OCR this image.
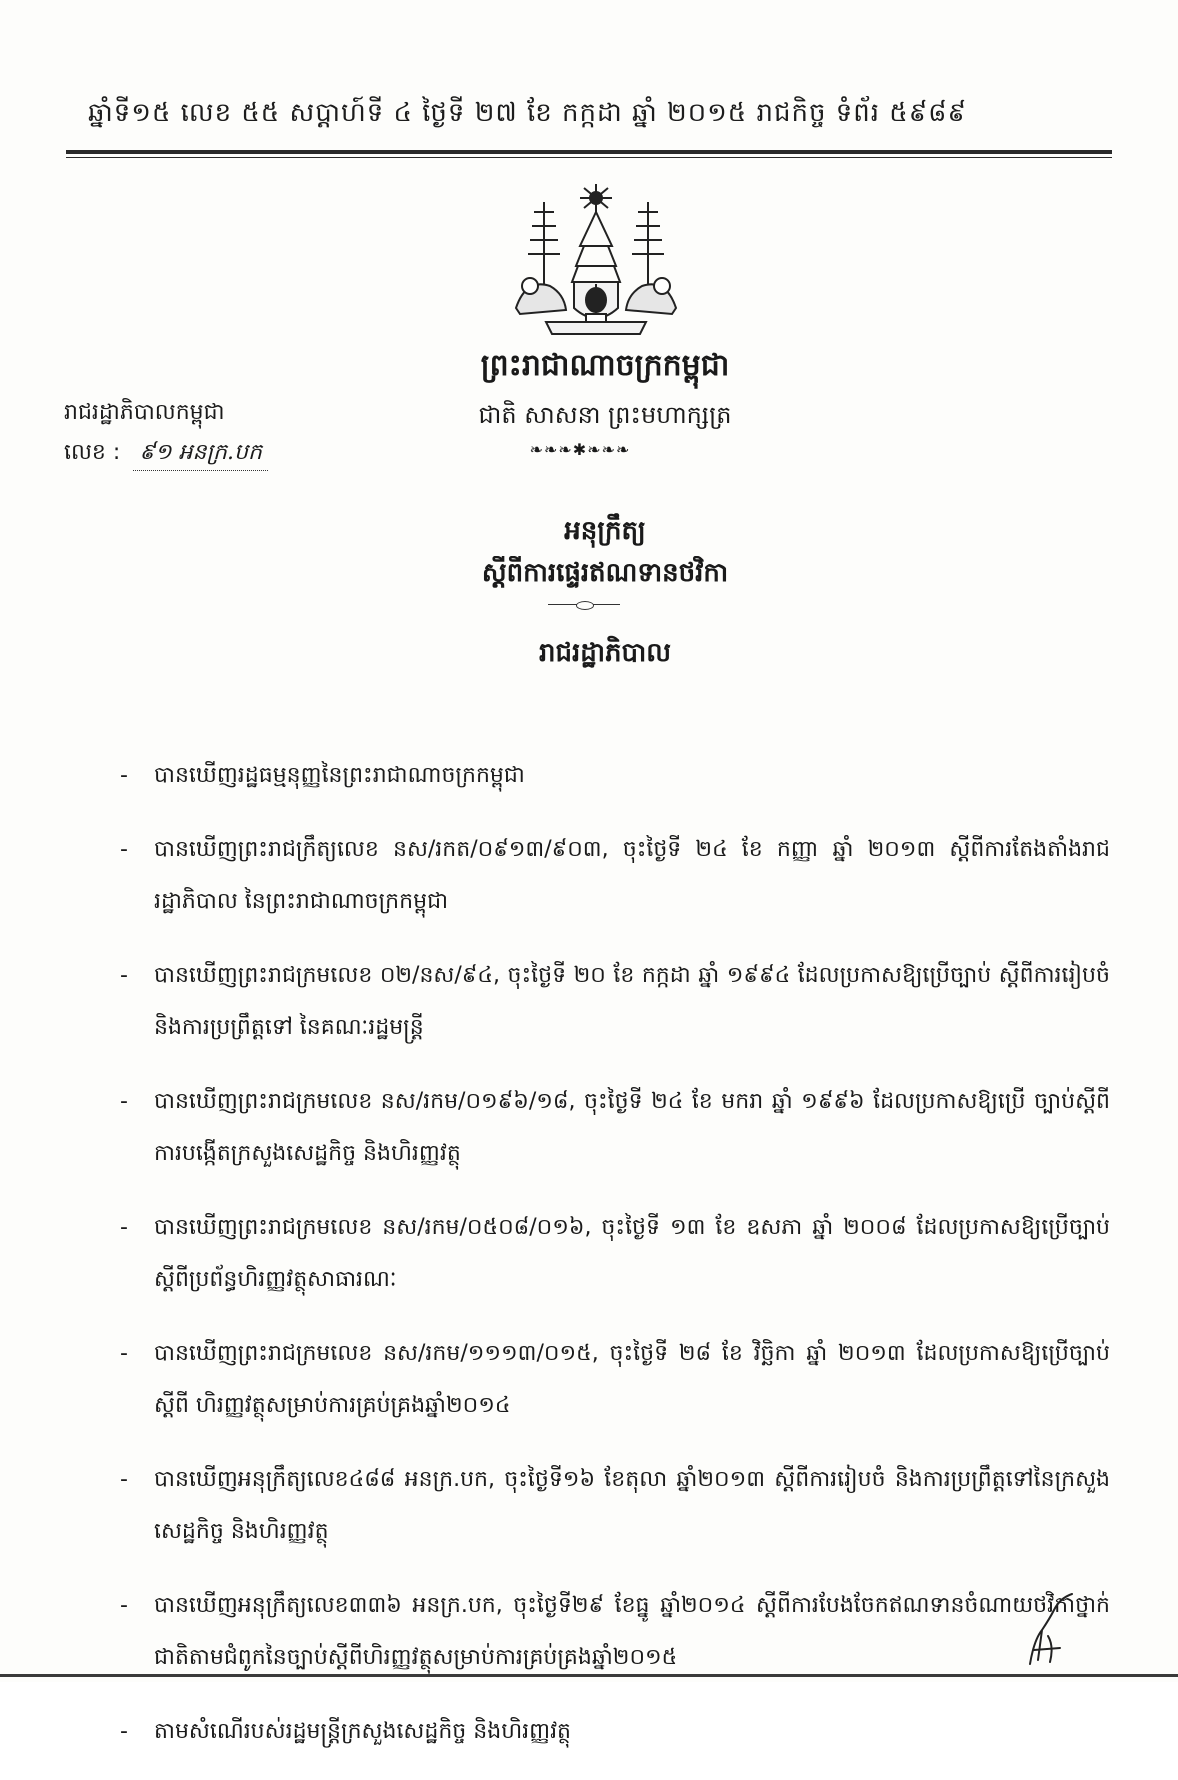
ឆ្នាំទី១៥ លេខ ៥៥ សប្តាហ៍ទី ៤ ថ្ងៃទី ២៧ ខែ កក្កដា ឆ្នាំ ២០១៥ រាជកិច្ច ទំព័រ ៥៩៨៩
ព្រះរាជាណាចក្រកម្ពុជា
ជាតិ សាសនា ព្រះមហាក្សត្រ
❧❧❧✱❧❧❧
រាជរដ្ឋាភិបាលកម្ពុជា
លេខ : ៩១ អនក្រ.បក
អនុក្រឹត្យ
ស្តីពីការផ្ទេរឥណទានថវិកា
រាជរដ្ឋាភិបាល
- បានឃើញរដ្ឋធម្មនុញ្ញនៃព្រះរាជាណាចក្រកម្ពុជា
- បានឃើញព្រះរាជក្រឹត្យលេខ នស/រកត/០៩១៣/៩០៣, ចុះថ្ងៃទី ២៤ ខែ កញ្ញា ឆ្នាំ ២០១៣ ស្តីពីការតែងតាំងរាជរដ្ឋាភិបាល នៃព្រះរាជាណាចក្រកម្ពុជា
- បានឃើញព្រះរាជក្រមលេខ ០២/នស/៩៤, ចុះថ្ងៃទី ២០ ខែ កក្កដា ឆ្នាំ ១៩៩៤ ដែលប្រកាសឱ្យប្រើច្បាប់ ស្តីពីការរៀបចំ និងការប្រព្រឹត្តទៅ នៃគណៈរដ្ឋមន្ត្រី
- បានឃើញព្រះរាជក្រមលេខ នស/រកម/០១៩៦/១៨, ចុះថ្ងៃទី ២៤ ខែ មករា ឆ្នាំ ១៩៩៦ ដែលប្រកាសឱ្យប្រើ ច្បាប់ស្តីពីការបង្កើតក្រសួងសេដ្ឋកិច្ច និងហិរញ្ញវត្ថុ
- បានឃើញព្រះរាជក្រមលេខ នស/រកម/០៥០៨/០១៦, ចុះថ្ងៃទី ១៣ ខែ ឧសភា ឆ្នាំ ២០០៨ ដែលប្រកាសឱ្យប្រើច្បាប់ស្តីពីប្រព័ន្ធហិរញ្ញវត្ថុសាធារណៈ
- បានឃើញព្រះរាជក្រមលេខ នស/រកម/១១១៣/០១៥, ចុះថ្ងៃទី ២៨ ខែ វិច្ឆិកា ឆ្នាំ ២០១៣ ដែលប្រកាសឱ្យប្រើច្បាប់ស្តីពី ហិរញ្ញវត្ថុសម្រាប់ការគ្រប់គ្រងឆ្នាំ២០១៤
- បានឃើញអនុក្រឹត្យលេខ៤៨៨ អនក្រ.បក, ចុះថ្ងៃទី១៦ ខែតុលា ឆ្នាំ២០១៣ ស្តីពីការរៀបចំ និងការប្រព្រឹត្តទៅនៃក្រសួងសេដ្ឋកិច្ច និងហិរញ្ញវត្ថុ
- បានឃើញអនុក្រឹត្យលេខ៣៣៦ អនក្រ.បក, ចុះថ្ងៃទី២៩ ខែធ្នូ ឆ្នាំ២០១៤ ស្តីពីការបែងចែកឥណទានចំណាយថវិកាថ្នាក់ជាតិតាមជំពូកនៃច្បាប់ស្តីពីហិរញ្ញវត្ថុសម្រាប់ការគ្រប់គ្រងឆ្នាំ២០១៥
- តាមសំណើរបស់រដ្ឋមន្ត្រីក្រសួងសេដ្ឋកិច្ច និងហិរញ្ញវត្ថុ
